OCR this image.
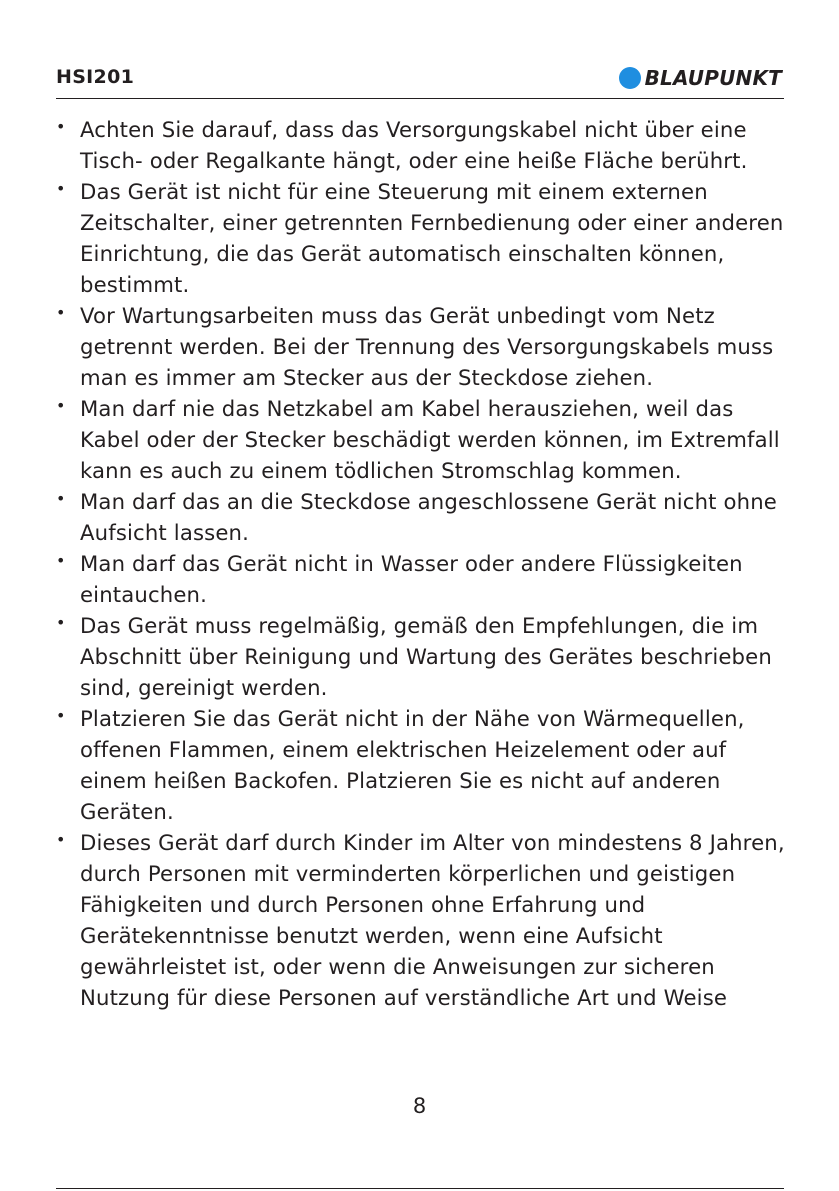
HSI201	BLAUPUNKT
• Achten Sie darauf, dass das Versorgungskabel nicht über eine Tisch- oder Regalkante hängt, oder eine heiße Fläche berührt.
• Das Gerät ist nicht für eine Steuerung mit einem externen Zeitschalter, einer getrennten Fernbedienung oder einer anderen Einrichtung, die das Gerät automatisch einschalten können, bestimmt.
• Vor Wartungsarbeiten muss das Gerät unbedingt vom Netz getrennt werden. Bei der Trennung des Versorgungskabels muss man es immer am Stecker aus der Steckdose ziehen.
• Man darf nie das Netzkabel am Kabel herausziehen, weil das Kabel oder der Stecker beschädigt werden können, im Extremfall kann es auch zu einem tödlichen Stromschlag kommen.
• Man darf das an die Steckdose angeschlossene Gerät nicht ohne Aufsicht lassen.
• Man darf das Gerät nicht in Wasser oder andere Flüssigkeiten eintauchen.
• Das Gerät muss regelmäßig, gemäß den Empfehlungen, die im Abschnitt über Reinigung und Wartung des Gerätes beschrieben sind, gereinigt werden.
• Platzieren Sie das Gerät nicht in der Nähe von Wärmequellen, offenen Flammen, einem elektrischen Heizelement oder auf einem heißen Backofen. Platzieren Sie es nicht auf anderen Geräten.
• Dieses Gerät darf durch Kinder im Alter von mindestens 8 Jahren, durch Personen mit verminderten körperlichen und geistigen Fähigkeiten und durch Personen ohne Erfahrung und Gerätekenntnisse benutzt werden, wenn eine Aufsicht gewährleistet ist, oder wenn die Anweisungen zur sicheren Nutzung für diese Personen auf verständliche Art und Weise
8
